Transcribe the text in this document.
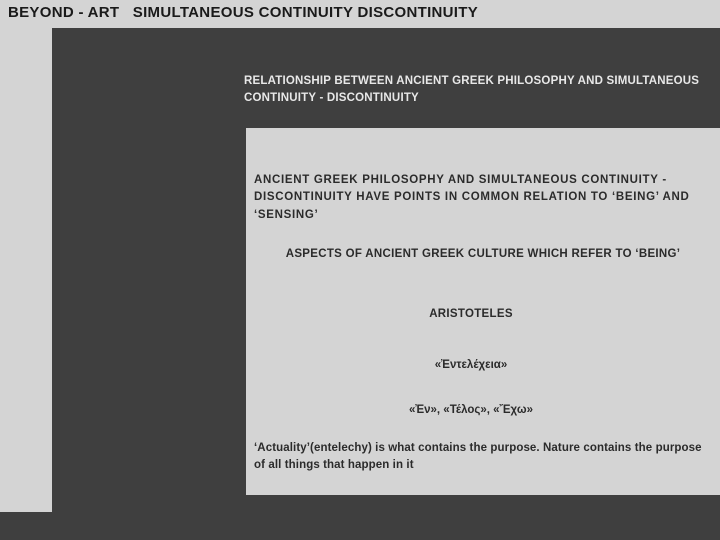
BEYOND - ART   SIMULTANEOUS CONTINUITY DISCONTINUITY
RELATIONSHIP BETWEEN ANCIENT GREEK PHILOSOPHY AND SIMULTANEOUS CONTINUITY - DISCONTINUITY
ANCIENT GREEK PHILOSOPHY AND SIMULTANEOUS CONTINUITY - DISCONTINUITY HAVE POINTS IN COMMON RELATION TO ‘BEING’ AND ‘SENSING’
ASPECTS OF ANCIENT GREEK CULTURE WHICH REFER TO ‘BEING’
ARISTOTELES
«Ἐντελέχεια»
«Ἐν», «Τέλος», «Ἔχω»
‘Actuality’(entelechy) is what contains the purpose. Nature contains the purpose of all things that happen in it
